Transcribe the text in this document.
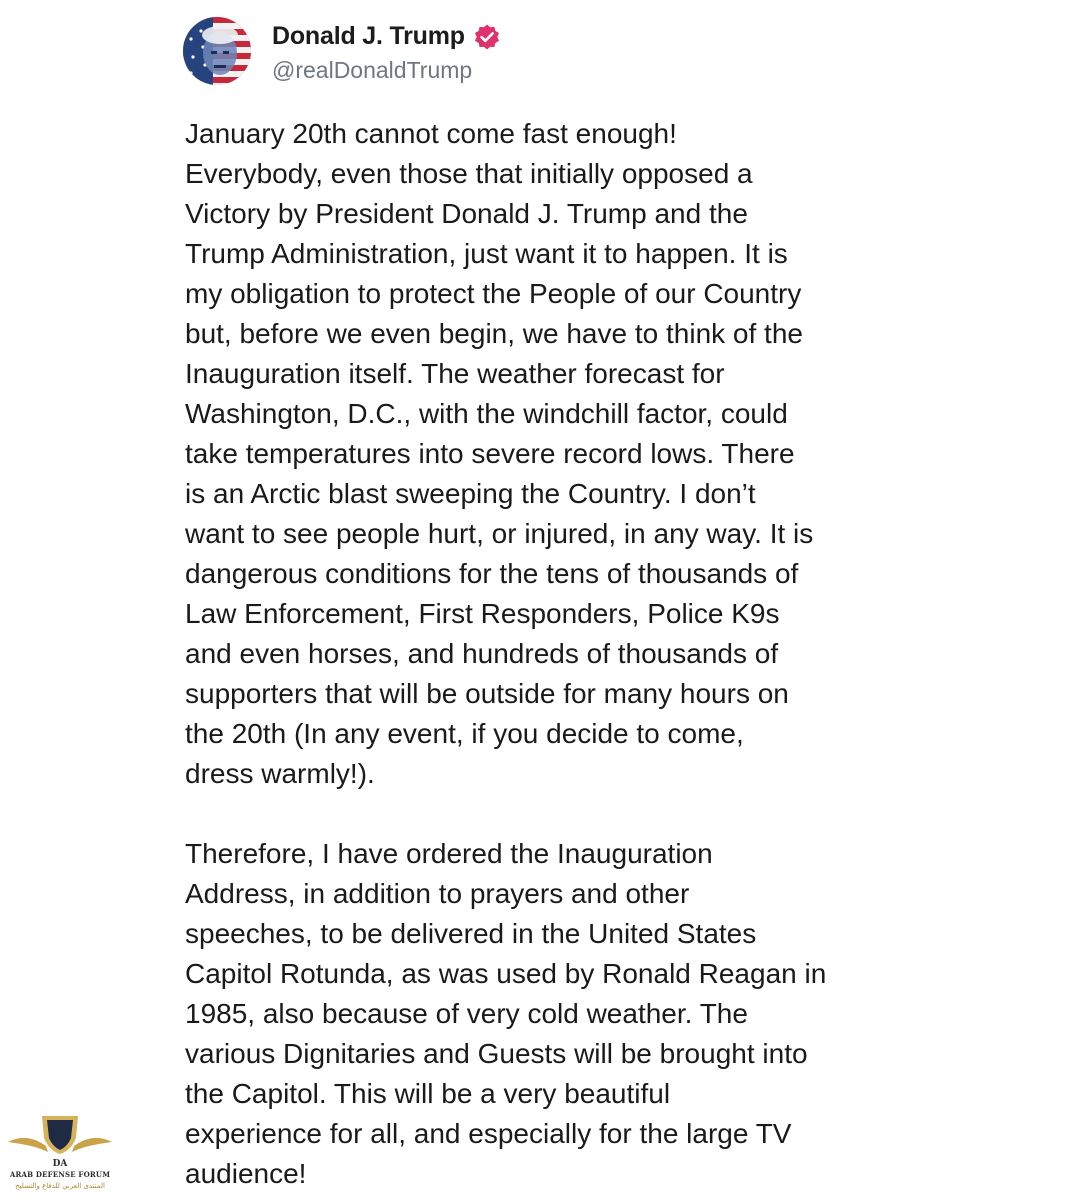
Donald J. Trump
@realDonaldTrump

January 20th cannot come fast enough!
Everybody, even those that initially opposed a
Victory by President Donald J. Trump and the
Trump Administration, just want it to happen. It is
my obligation to protect the People of our Country
but, before we even begin, we have to think of the
Inauguration itself. The weather forecast for
Washington, D.C., with the windchill factor, could
take temperatures into severe record lows. There
is an Arctic blast sweeping the Country. I don’t
want to see people hurt, or injured, in any way. It is
dangerous conditions for the tens of thousands of
Law Enforcement, First Responders, Police K9s
and even horses, and hundreds of thousands of
supporters that will be outside for many hours on
the 20th (In any event, if you decide to come,
dress warmly!).

Therefore, I have ordered the Inauguration
Address, in addition to prayers and other
speeches, to be delivered in the United States
Capitol Rotunda, as was used by Ronald Reagan in
1985, also because of very cold weather. The
various Dignitaries and Guests will be brought into
the Capitol. This will be a very beautiful
experience for all, and especially for the large TV
audience!

DA
ARAB DEFENSE FORUM
المنتدى العربي للدفاع والتسليح
